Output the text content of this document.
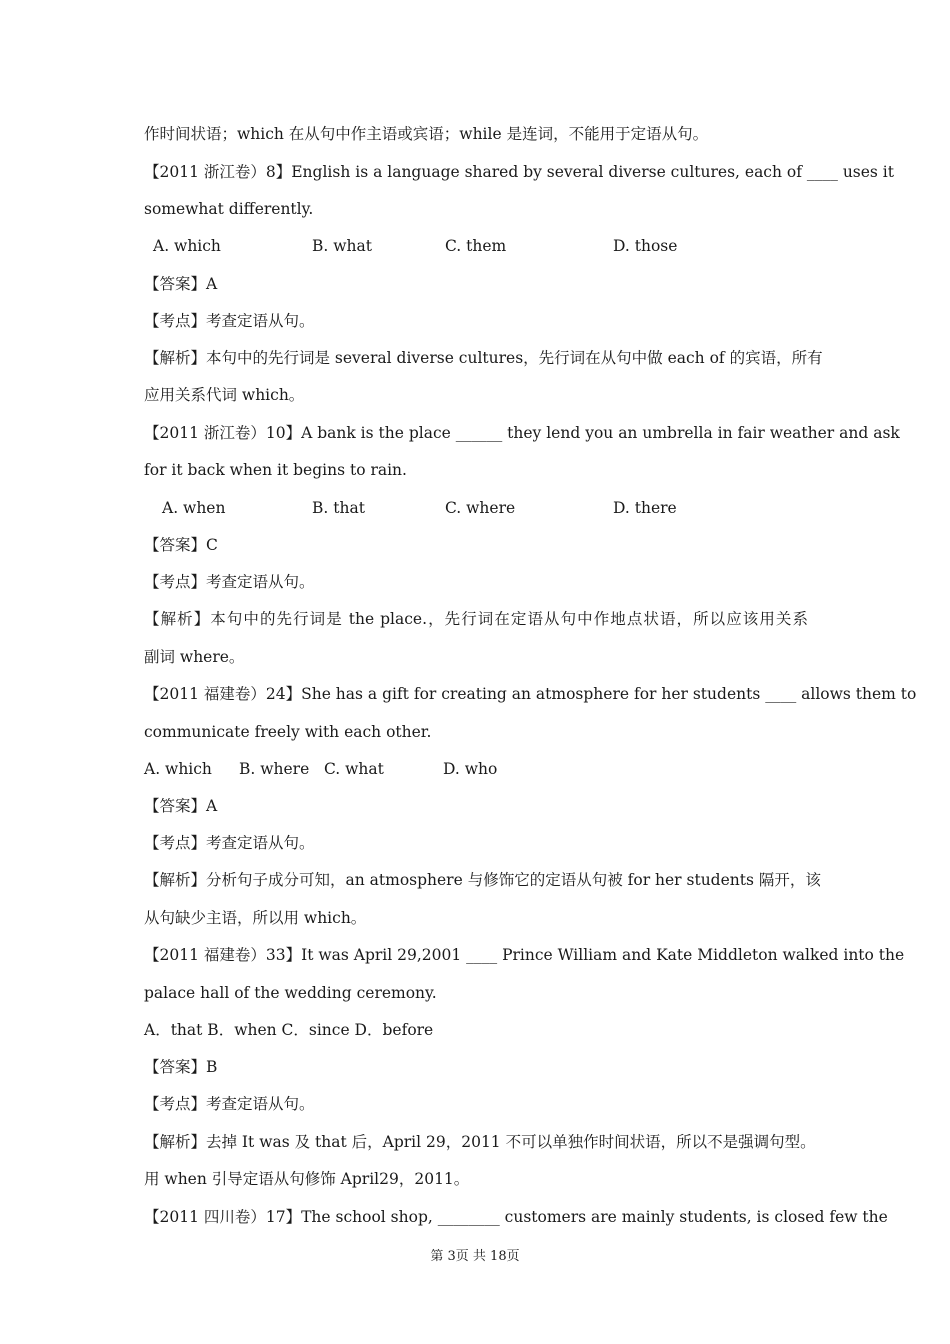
作时间状语；which 在从句中作主语或宾语；while 是连词，不能用于定语从句。
【2011 浙江卷）8】English is a language shared by several diverse cultures, each of ____ uses it
somewhat differently.
A. which	B. what	C. them	D. those
【答案】A
【考点】考查定语从句。
【解析】本句中的先行词是 several diverse cultures，先行词在从句中做 each of 的宾语，所有
应用关系代词 which。
【2011 浙江卷）10】A bank is the place ______ they lend you an umbrella in fair weather and ask
for it back when it begins to rain.
A. when	B. that	C. where	D. there
【答案】C
【考点】考查定语从句。
【解析】本句中的先行词是 the place.，先行词在定语从句中作地点状语，所以应该用关系
副词 where。
【2011 福建卷）24】She has a gift for creating an atmosphere for her students ____ allows them to
communicate freely with each other.
A. which B. where C. what	D. who
【答案】A
【考点】考查定语从句。
【解析】分析句子成分可知，an atmosphere 与修饰它的定语从句被 for her students 隔开，该
从句缺少主语，所以用 which。
【2011 福建卷）33】It was April 29,2001 ____ Prince William and Kate Middleton walked into the
palace hall of the wedding ceremony.
A．that B．when C．since D．before
【答案】B
【考点】考查定语从句。
【解析】去掉 It was 及 that 后，April 29，2011 不可以单独作时间状语，所以不是强调句型。
用 when 引导定语从句修饰 April29，2011。
【2011 四川卷）17】The school shop, ________ customers are mainly students, is closed few the
第 3页 共 18页
